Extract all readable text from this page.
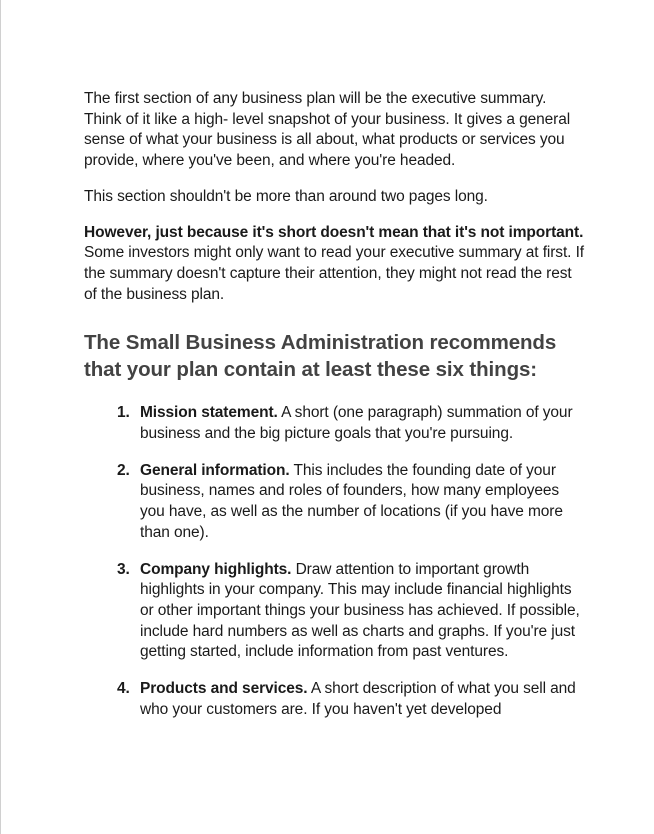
The first section of any business plan will be the executive summary. Think of it like a high- level snapshot of your business. It gives a general sense of what your business is all about, what products or services you provide, where you've been, and where you're headed.

This section shouldn't be more than around two pages long.

However, just because it's short doesn't mean that it's not important. Some investors might only want to read your executive summary at first. If the summary doesn't capture their attention, they might not read the rest of the business plan.

The Small Business Administration recommends that your plan contain at least these six things:
1. Mission statement. A short (one paragraph) summation of your business and the big picture goals that you're pursuing.
2. General information. This includes the founding date of your business, names and roles of founders, how many employees you have, as well as the number of locations (if you have more than one).
3. Company highlights. Draw attention to important growth highlights in your company. This may include financial highlights or other important things your business has achieved. If possible, include hard numbers as well as charts and graphs. If you're just getting started, include information from past ventures.
4. Products and services. A short description of what you sell and who your customers are. If you haven't yet developed
